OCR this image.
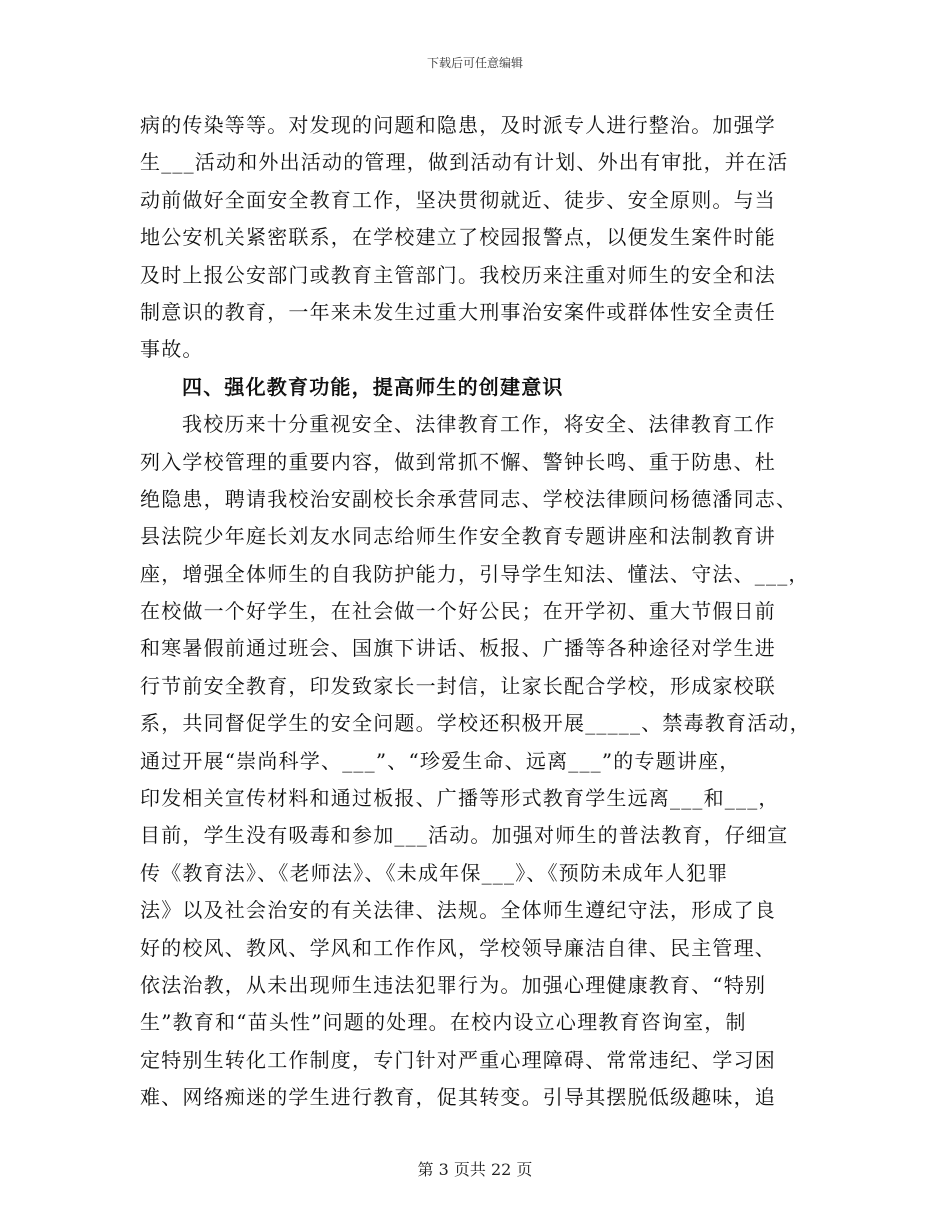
下载后可任意编辑
病的传染等等。对发现的问题和隐患，及时派专人进行整治。加强学
生___活动和外出活动的管理，做到活动有计划、外出有审批，并在活
动前做好全面安全教育工作，坚决贯彻就近、徒步、安全原则。与当
地公安机关紧密联系，在学校建立了校园报警点，以便发生案件时能
及时上报公安部门或教育主管部门。我校历来注重对师生的安全和法
制意识的教育，一年来未发生过重大刑事治安案件或群体性安全责任
事故。
四、强化教育功能，提高师生的创建意识
我校历来十分重视安全、法律教育工作，将安全、法律教育工作
列入学校管理的重要内容，做到常抓不懈、警钟长鸣、重于防患、杜
绝隐患，聘请我校治安副校长余承营同志、学校法律顾问杨德潘同志、
县法院少年庭长刘友水同志给师生作安全教育专题讲座和法制教育讲
座，增强全体师生的自我防护能力，引导学生知法、懂法、守法、___，
在校做一个好学生，在社会做一个好公民；在开学初、重大节假日前
和寒暑假前通过班会、国旗下讲话、板报、广播等各种途径对学生进
行节前安全教育，印发致家长一封信，让家长配合学校，形成家校联
系，共同督促学生的安全问题。学校还积极开展_____、禁毒教育活动，
通过开展“崇尚科学、___”、“珍爱生命、远离___”的专题讲座，
印发相关宣传材料和通过板报、广播等形式教育学生远离___和___，
目前，学生没有吸毒和参加___活动。加强对师生的普法教育，仔细宣
传《教育法》、《老师法》、《未成年保___》、《预防未成年人犯罪
法》以及社会治安的有关法律、法规。全体师生遵纪守法，形成了良
好的校风、教风、学风和工作作风，学校领导廉洁自律、民主管理、
依法治教，从未出现师生违法犯罪行为。加强心理健康教育、“特别
生”教育和“苗头性”问题的处理。在校内设立心理教育咨询室，制
定特别生转化工作制度，专门针对严重心理障碍、常常违纪、学习困
难、网络痴迷的学生进行教育，促其转变。引导其摆脱低级趣味，追
第 3 页共 22 页
